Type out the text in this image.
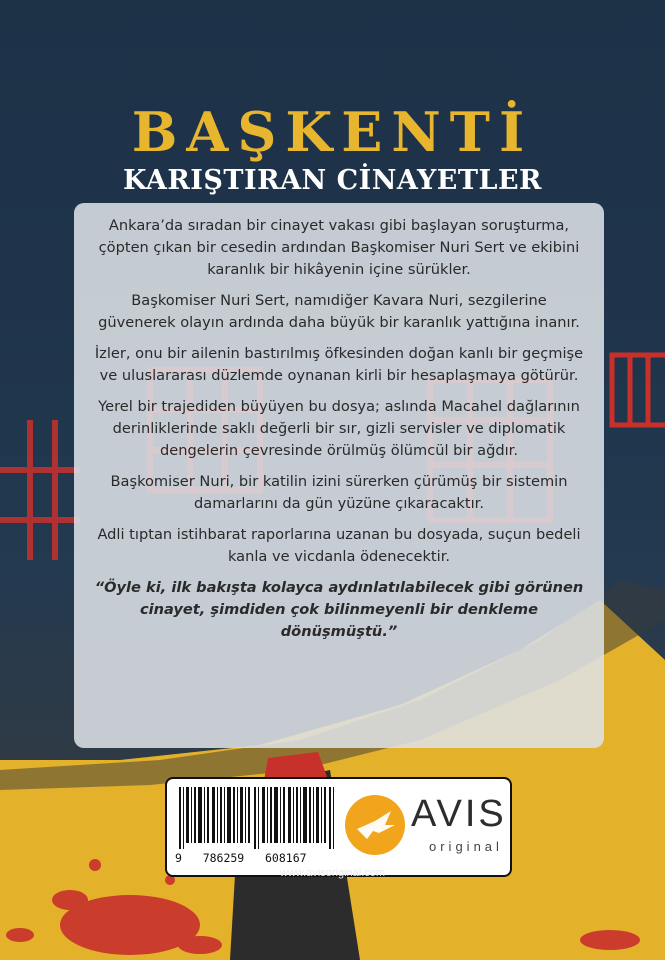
BAŞKENTİ
KARIŞTIRAN CİNAYETLER

Ankara’da sıradan bir cinayet vakası gibi başlayan soruşturma, çöpten çıkan bir cesedin ardından Başkomiser Nuri Sert ve ekibini karanlık bir hikâyenin içine sürükler.

Başkomiser Nuri Sert, namıdiğer Kavara Nuri, sezgilerine güvenerek olayın ardında daha büyük bir karanlık yattığına inanır.

İzler, onu bir ailenin bastırılmış öfkesinden doğan kanlı bir geçmişe ve uluslararası düzlemde oynanan kirli bir hesaplaşmaya götürür.

Yerel bir trajediden büyüyen bu dosya; aslında Macahel dağlarının derinliklerinde saklı değerli bir sır, gizli servisler ve diplomatik dengelerin çevresinde örülmüş ölümcül bir ağdır.

Başkomiser Nuri, bir katilin izini sürerken çürümüş bir sistemin damarlarını da gün yüzüne çıkaracaktır.

Adli tıptan istihbarat raporlarına uzanan bu dosyada, suçun bedeli kanla ve vicdanla ödenecektir.

“Öyle ki, ilk bakışta kolayca aydınlatılabilecek gibi görünen cinayet, şimdiden çok bilinmeyenli bir denkleme dönüşmüştü.”

9   786259   608167
AVIS
original
www.avisoriginal.com
